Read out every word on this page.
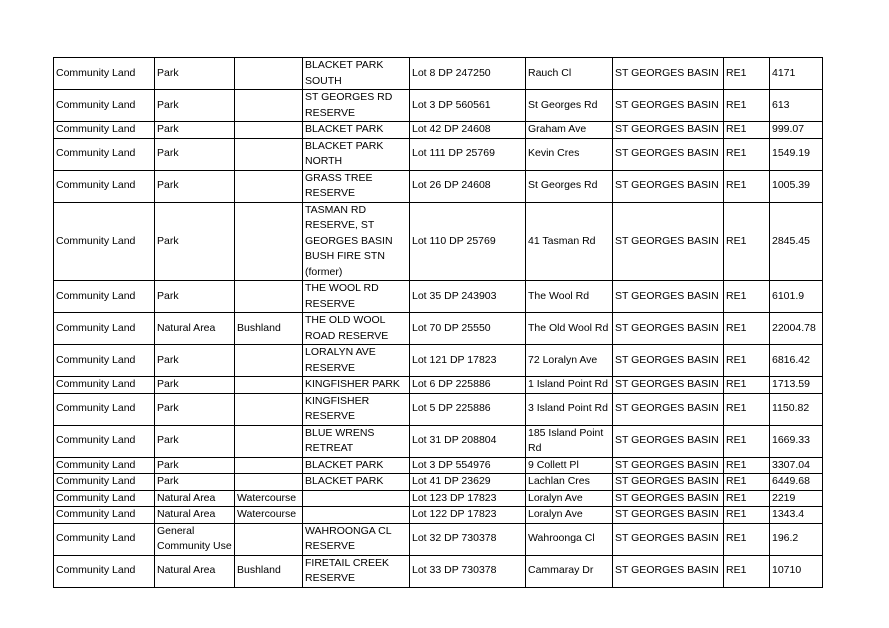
Community Land	Park		BLACKET PARK SOUTH	Lot 8 DP 247250	Rauch Cl	ST GEORGES BASIN	RE1	4171
Community Land	Park		ST GEORGES RD RESERVE	Lot 3 DP 560561	St Georges Rd	ST GEORGES BASIN	RE1	613
Community Land	Park		BLACKET PARK	Lot 42 DP 24608	Graham Ave	ST GEORGES BASIN	RE1	999.07
Community Land	Park		BLACKET PARK NORTH	Lot 111 DP 25769	Kevin Cres	ST GEORGES BASIN	RE1	1549.19
Community Land	Park		GRASS TREE RESERVE	Lot 26 DP 24608	St Georges Rd	ST GEORGES BASIN	RE1	1005.39
Community Land	Park		TASMAN RD RESERVE, ST GEORGES BASIN BUSH FIRE STN (former)	Lot 110 DP 25769	41 Tasman Rd	ST GEORGES BASIN	RE1	2845.45
Community Land	Park		THE WOOL RD RESERVE	Lot 35 DP 243903	The Wool Rd	ST GEORGES BASIN	RE1	6101.9
Community Land	Natural Area	Bushland	THE OLD WOOL ROAD RESERVE	Lot 70 DP 25550	The Old Wool Rd	ST GEORGES BASIN	RE1	22004.78
Community Land	Park		LORALYN AVE RESERVE	Lot 121 DP 17823	72 Loralyn Ave	ST GEORGES BASIN	RE1	6816.42
Community Land	Park		KINGFISHER PARK	Lot 6 DP 225886	1 Island Point Rd	ST GEORGES BASIN	RE1	1713.59
Community Land	Park		KINGFISHER RESERVE	Lot 5 DP 225886	3 Island Point Rd	ST GEORGES BASIN	RE1	1150.82
Community Land	Park		BLUE WRENS RETREAT	Lot 31 DP 208804	185 Island Point Rd	ST GEORGES BASIN	RE1	1669.33
Community Land	Park		BLACKET PARK	Lot 3 DP 554976	9 Collett Pl	ST GEORGES BASIN	RE1	3307.04
Community Land	Park		BLACKET PARK	Lot 41 DP 23629	Lachlan Cres	ST GEORGES BASIN	RE1	6449.68
Community Land	Natural Area	Watercourse		Lot 123 DP 17823	Loralyn Ave	ST GEORGES BASIN	RE1	2219
Community Land	Natural Area	Watercourse		Lot 122 DP 17823	Loralyn Ave	ST GEORGES BASIN	RE1	1343.4
Community Land	General Community Use		WAHROONGA CL RESERVE	Lot 32 DP 730378	Wahroonga Cl	ST GEORGES BASIN	RE1	196.2
Community Land	Natural Area	Bushland	FIRETAIL CREEK RESERVE	Lot 33 DP 730378	Cammaray Dr	ST GEORGES BASIN	RE1	10710
